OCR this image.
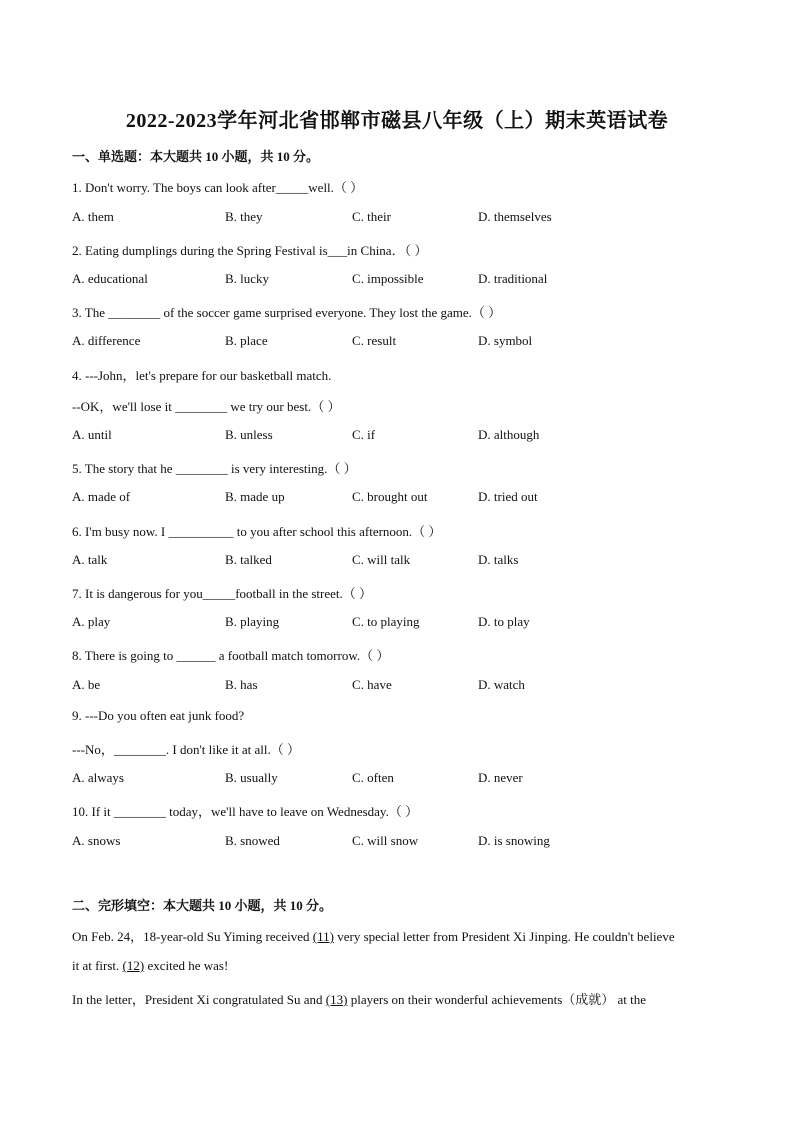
2022-2023学年河北省邯郸市磁县八年级（上）期末英语试卷
一、单选题：本大题共 10 小题，共 10 分。
1. Don't worry. The boys can look after_____well.（ ）
A. them	B. they	C. their	D. themselves
2. Eating dumplings during the Spring Festival is___in China．（ ）
A. educational	B. lucky	C. impossible	D. traditional
3. The ________ of the soccer game surprised everyone. They lost the game.（ ）
A. difference	B. place	C. result	D. symbol
4. ---John，let's prepare for our basketball match.
--OK，we'll lose it ________ we try our best.（ ）
A. until	B. unless	C. if	D. although
5. The story that he ________ is very interesting.（ ）
A. made of	B. made up	C. brought out	D. tried out
6. I'm busy now. I __________ to you after school this afternoon.（ ）
A. talk	B. talked	C. will talk	D. talks
7. It is dangerous for you_____football in the street.（ ）
A. play	B. playing	C. to playing	D. to play
8. There is going to ______ a football match tomorrow.（ ）
A. be	B. has	C. have	D. watch
9. ---Do you often eat junk food?
---No，________. I don't like it at all.（ ）
A. always	B. usually	C. often	D. never
10. If it ________ today，we'll have to leave on Wednesday.（ ）
A. snows	B. snowed	C. will snow	D. is snowing
二、完形填空：本大题共 10 小题，共 10 分。
On Feb. 24，18-year-old Su Yiming received (11) very special letter from President Xi Jinping. He couldn't believe
it at first. (12) excited he was!
In the letter，President Xi congratulated Su and (13) players on their wonderful achievements（成就） at the
